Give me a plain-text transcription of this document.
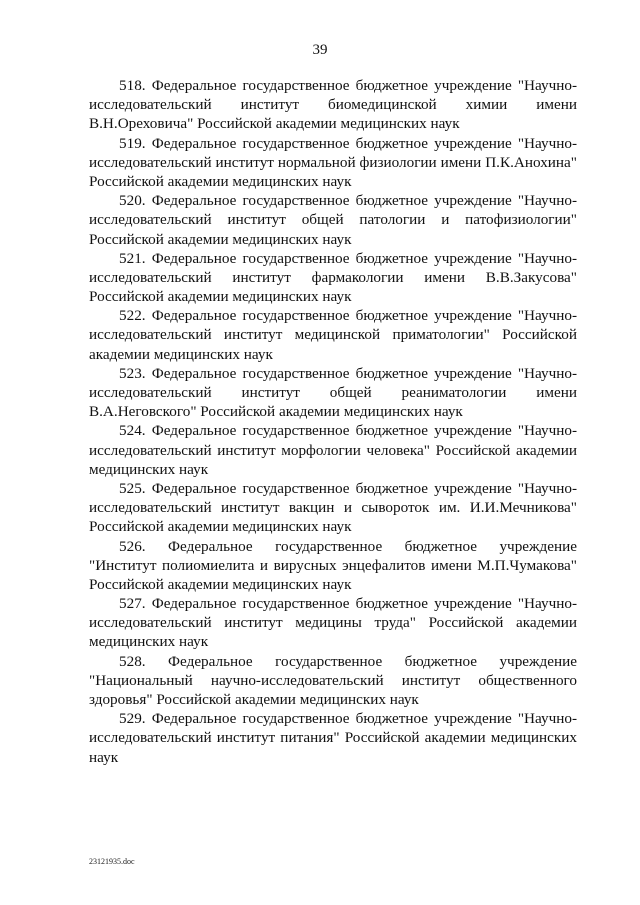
39
518. Федеральное государственное бюджетное учреждение "Научно-
исследовательский институт биомедицинской химии имени
В.Н.Ореховича" Российской академии медицинских наук
519. Федеральное государственное бюджетное учреждение "Научно-
исследовательский институт нормальной физиологии имени П.К.Анохина"
Российской академии медицинских наук
520. Федеральное государственное бюджетное учреждение "Научно-
исследовательский институт общей патологии и патофизиологии"
Российской академии медицинских наук
521. Федеральное государственное бюджетное учреждение "Научно-
исследовательский институт фармакологии имени В.В.Закусова"
Российской академии медицинских наук
522. Федеральное государственное бюджетное учреждение "Научно-
исследовательский институт медицинской приматологии" Российской
академии медицинских наук
523. Федеральное государственное бюджетное учреждение "Научно-
исследовательский институт общей реаниматологии имени
В.А.Неговского" Российской академии медицинских наук
524. Федеральное государственное бюджетное учреждение "Научно-
исследовательский институт морфологии человека" Российской академии
медицинских наук
525. Федеральное государственное бюджетное учреждение "Научно-
исследовательский институт вакцин и сывороток им. И.И.Мечникова"
Российской академии медицинских наук
526. Федеральное государственное бюджетное учреждение
"Институт полиомиелита и вирусных энцефалитов имени М.П.Чумакова"
Российской академии медицинских наук
527. Федеральное государственное бюджетное учреждение "Научно-
исследовательский институт медицины труда" Российской академии
медицинских наук
528. Федеральное государственное бюджетное учреждение
"Национальный научно-исследовательский институт общественного
здоровья" Российской академии медицинских наук
529. Федеральное государственное бюджетное учреждение "Научно-
исследовательский институт питания" Российской академии медицинских
наук
23121935.doc
